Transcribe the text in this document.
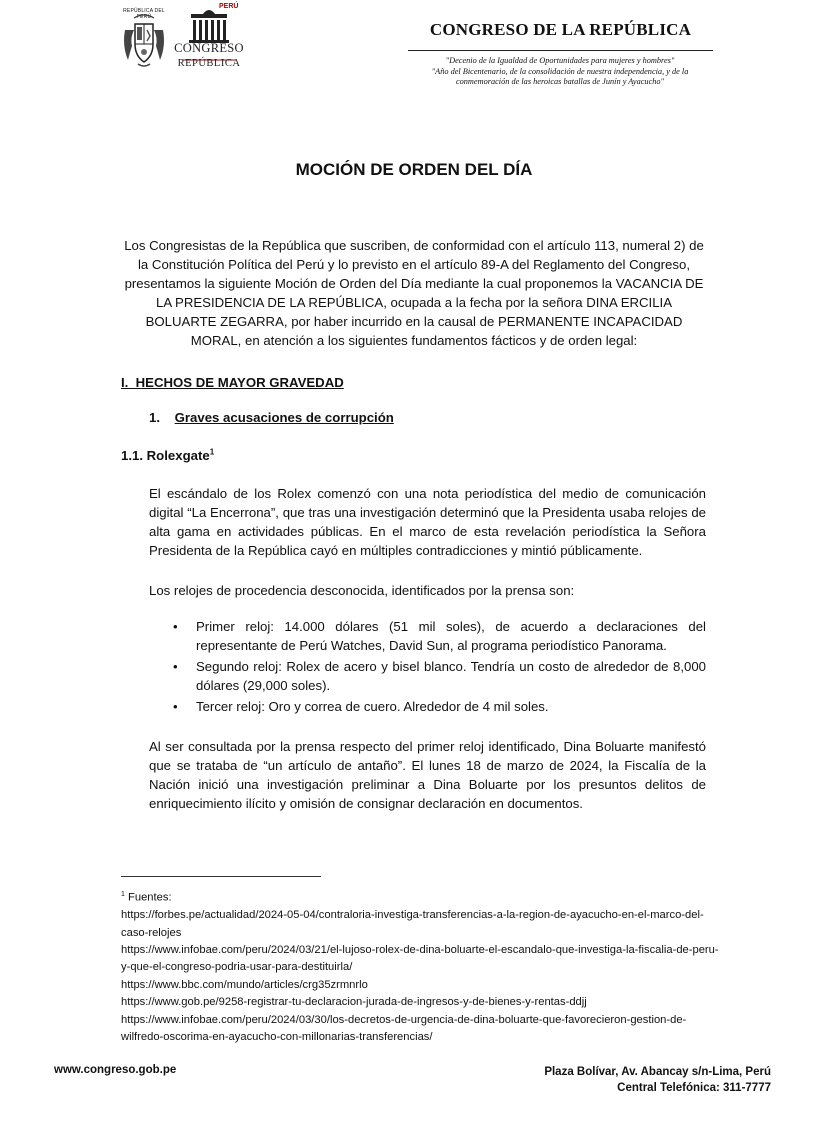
REPÚBLICA DEL PERÚ
PERÚ
CONGRESO
REPÚBLICA
CONGRESO DE LA REPÚBLICA
"Decenio de la Igualdad de Oportunidades para mujeres y hombres"
"Año del Bicentenario, de la consolidación de nuestra independencia, y de la
conmemoración de las heroicas batallas de Junín y Ayacucho"
MOCIÓN DE ORDEN DEL DÍA
Los Congresistas de la República que suscriben, de conformidad con el artículo 113, numeral 2) de la Constitución Política del Perú y lo previsto en el artículo 89-A del Reglamento del Congreso, presentamos la siguiente Moción de Orden del Día mediante la cual proponemos la VACANCIA DE LA PRESIDENCIA DE LA REPÚBLICA, ocupada a la fecha por la señora DINA ERCILIA BOLUARTE ZEGARRA, por haber incurrido en la causal de PERMANENTE INCAPACIDAD MORAL, en atención a los siguientes fundamentos fácticos y de orden legal:
I.  HECHOS DE MAYOR GRAVEDAD
1. Graves acusaciones de corrupción
1.1. Rolexgate$^1$
El escándalo de los Rolex comenzó con una nota periodística del medio de comunicación digital “La Encerrona”, que tras una investigación determinó que la Presidenta usaba relojes de alta gama en actividades públicas. En el marco de esta revelación periodística la Señora Presidenta de la República cayó en múltiples contradicciones y mintió públicamente.
Los relojes de procedencia desconocida, identificados por la prensa son:
• Primer reloj: 14.000 dólares (51 mil soles), de acuerdo a declaraciones del representante de Perú Watches, David Sun, al programa periodístico Panorama.
• Segundo reloj: Rolex de acero y bisel blanco. Tendría un costo de alrededor de 8,000 dólares (29,000 soles).
• Tercer reloj: Oro y correa de cuero. Alrededor de 4 mil soles.
Al ser consultada por la prensa respecto del primer reloj identificado, Dina Boluarte manifestó que se trataba de “un artículo de antaño”. El lunes 18 de marzo de 2024, la Fiscalía de la Nación inició una investigación preliminar a Dina Boluarte por los presuntos delitos de enriquecimiento ilícito y omisión de consignar declaración en documentos.
$^1$ Fuentes:
https://forbes.pe/actualidad/2024-05-04/contraloria-investiga-transferencias-a-la-region-de-ayacucho-en-el-marco-del-caso-relojes
https://www.infobae.com/peru/2024/03/21/el-lujoso-rolex-de-dina-boluarte-el-escandalo-que-investiga-la-fiscalia-de-peru-y-que-el-congreso-podria-usar-para-destituirla/
https://www.bbc.com/mundo/articles/crg35zrmnrlo
https://www.gob.pe/9258-registrar-tu-declaracion-jurada-de-ingresos-y-de-bienes-y-rentas-ddjj
https://www.infobae.com/peru/2024/03/30/los-decretos-de-urgencia-de-dina-boluarte-que-favorecieron-gestion-de-wilfredo-oscorima-en-ayacucho-con-millonarias-transferencias/
www.congreso.gob.pe	Plaza Bolívar, Av. Abancay s/n-Lima, Perú
Central Telefónica: 311-7777
